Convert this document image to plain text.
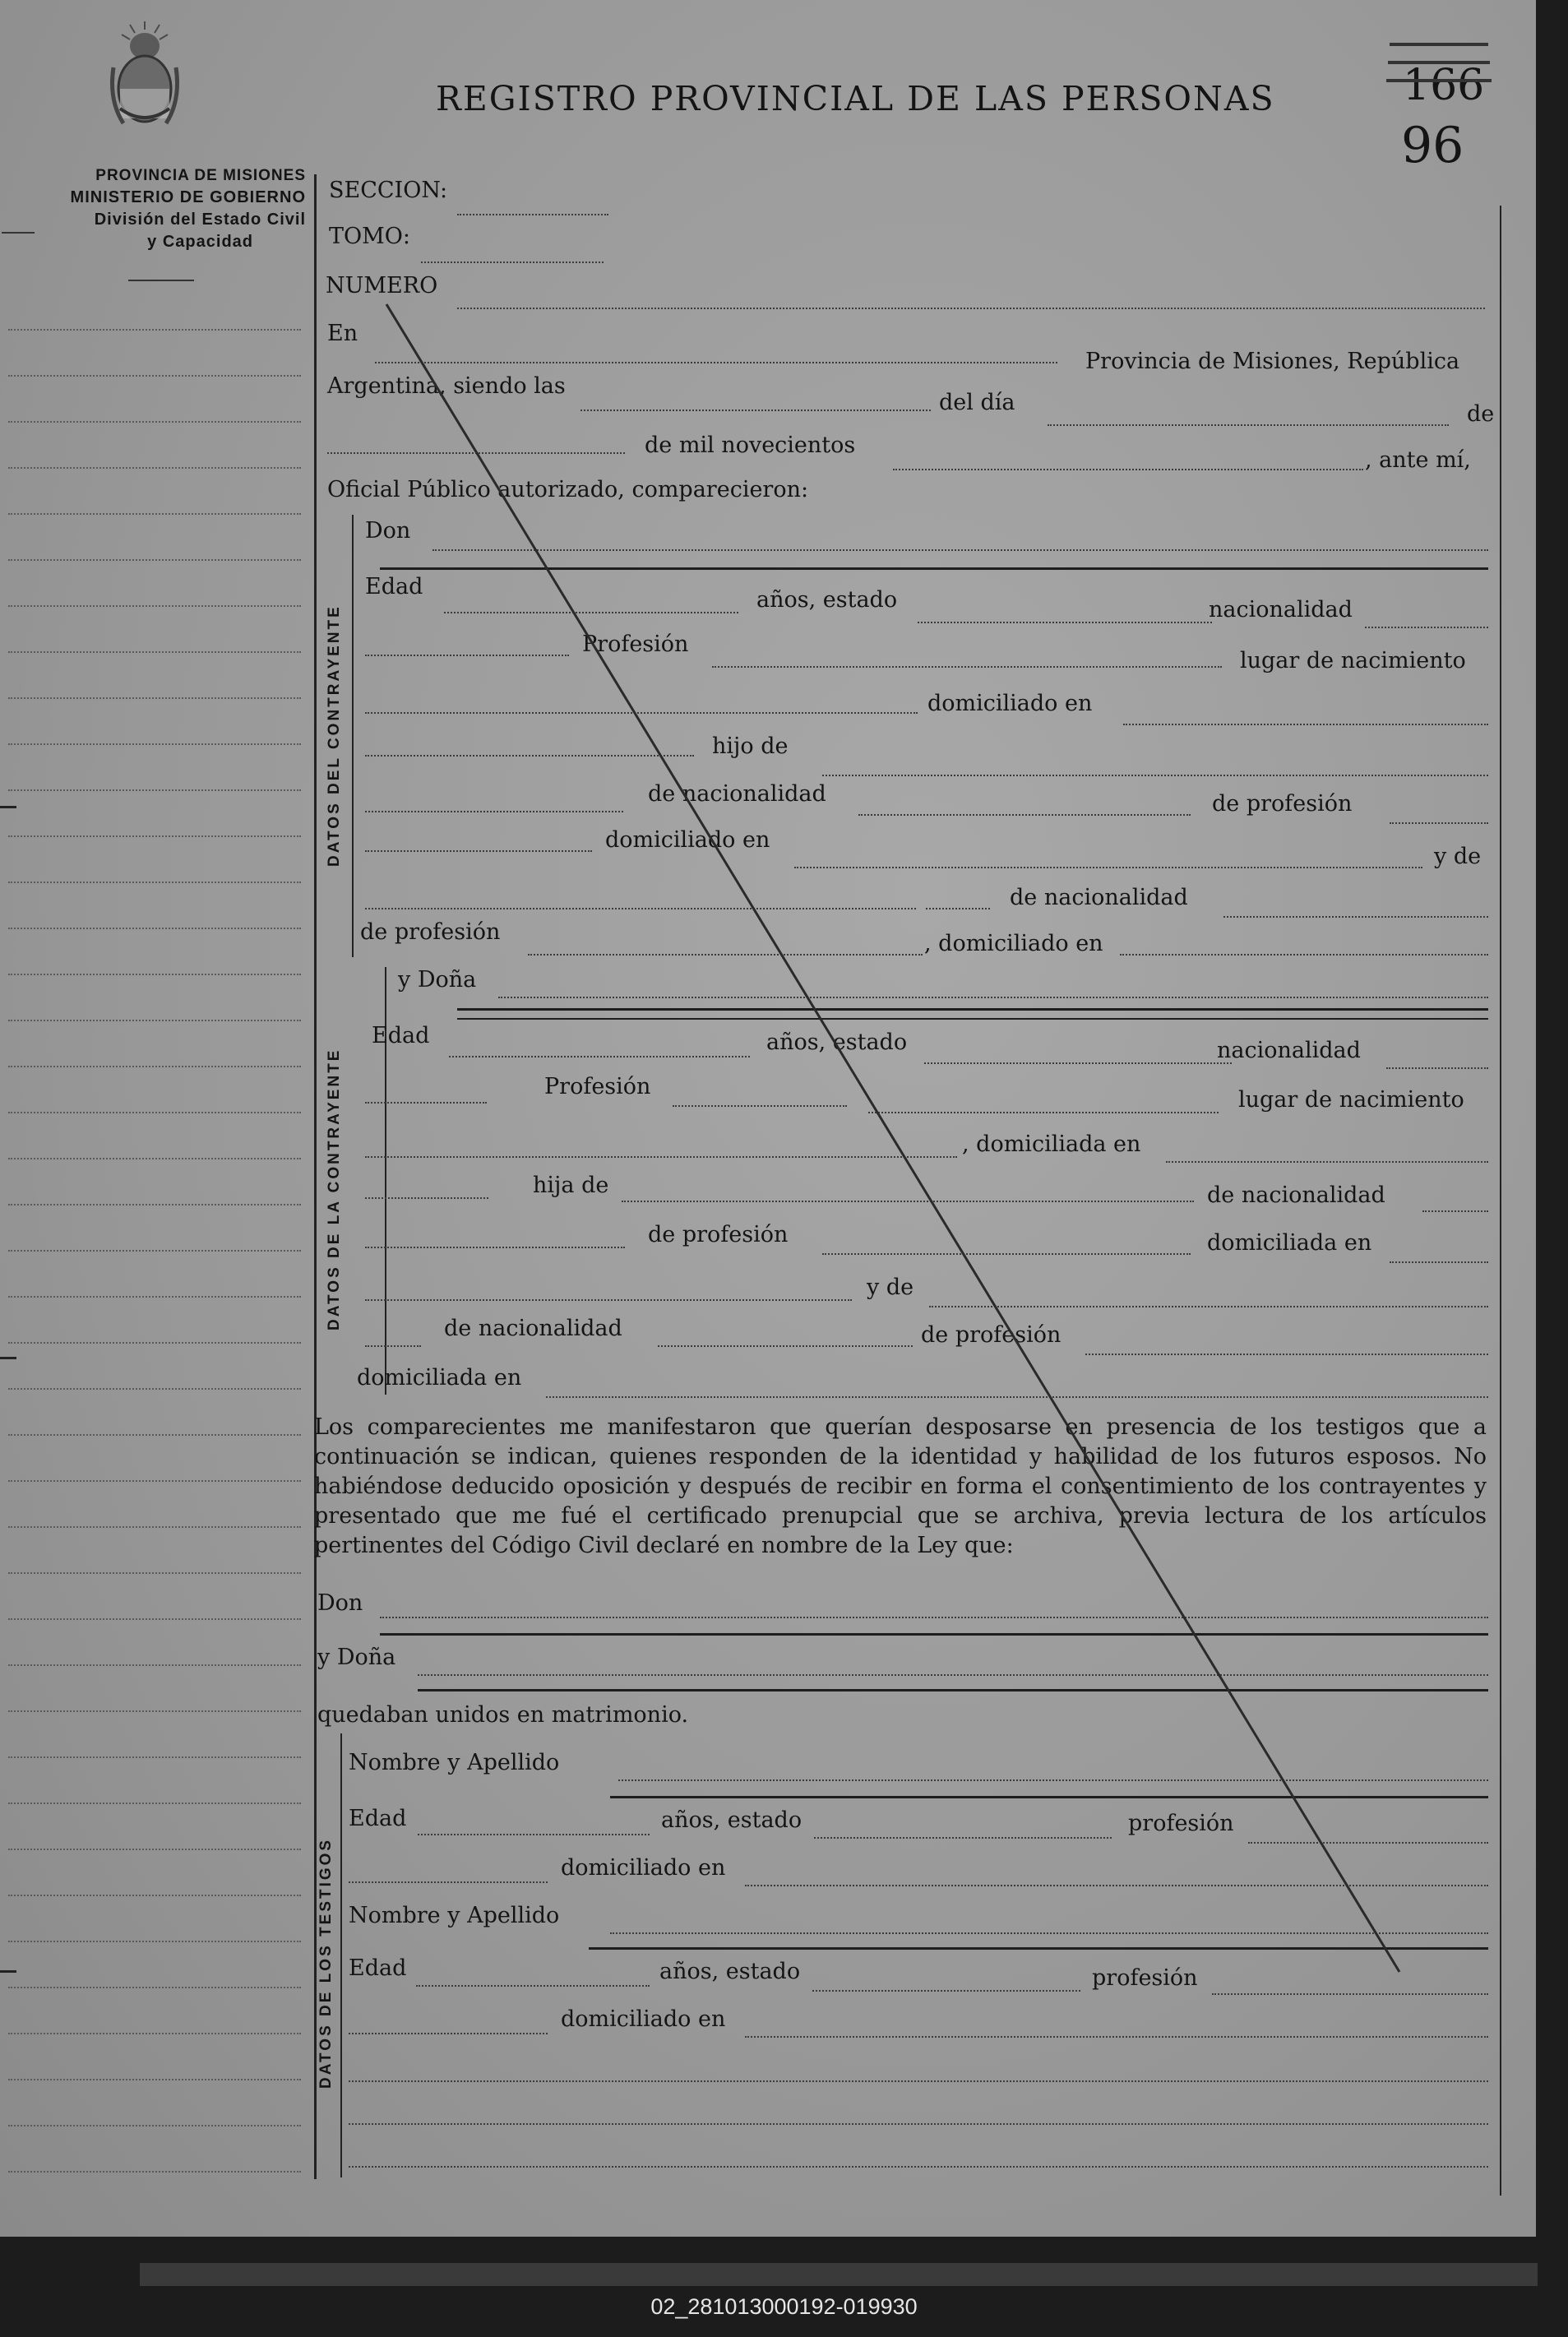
PROVINCIA DE MISIONES
MINISTERIO DE GOBIERNO
División del Estado Civil
y Capacidad
REGISTRO PROVINCIAL DE LAS PERSONAS	166
96
SECCION:
TOMO:
NUMERO
En
Provincia de Misiones, República
Argentina, siendo las
del día	de
de mil novecientos
, ante mí,
Oficial Público autorizado, comparecieron:
DATOS DEL CONTRAYENTE
Don
Edad
años, estado	nacionalidad
Profesión
lugar de nacimiento
domiciliado en
hijo de
de nacionalidad	de profesión
domiciliado en
y de
de nacionalidad
de profesión	, domiciliado en
DATOS DE LA CONTRAYENTE
y Doña
Edad	años, estado	nacionalidad
Profesión
lugar de nacimiento
, domiciliada en
hija de	de nacionalidad
de profesión	domiciliada en
y de
de nacionalidad	de profesión
domiciliada en

Los comparecientes me manifestaron que querían desposarse en presencia de los testigos que a continuación se indican, quienes responden de la identidad y habilidad de los futuros esposos. No habiéndose deducido oposición y después de recibir en forma el consentimiento de los contrayentes y presentado que me fué el certificado prenupcial que se archiva, previa lectura de los artículos pertinentes del Código Civil declaré en nombre de la Ley que:

Don
y Doña
quedaban unidos en matrimonio.
DATOS DE LOS TESTIGOS
Nombre y Apellido
Edad	años, estado	profesión
domiciliado en
Nombre y Apellido
Edad	años, estado	profesión
domiciliado en
02_281013000192-019930
